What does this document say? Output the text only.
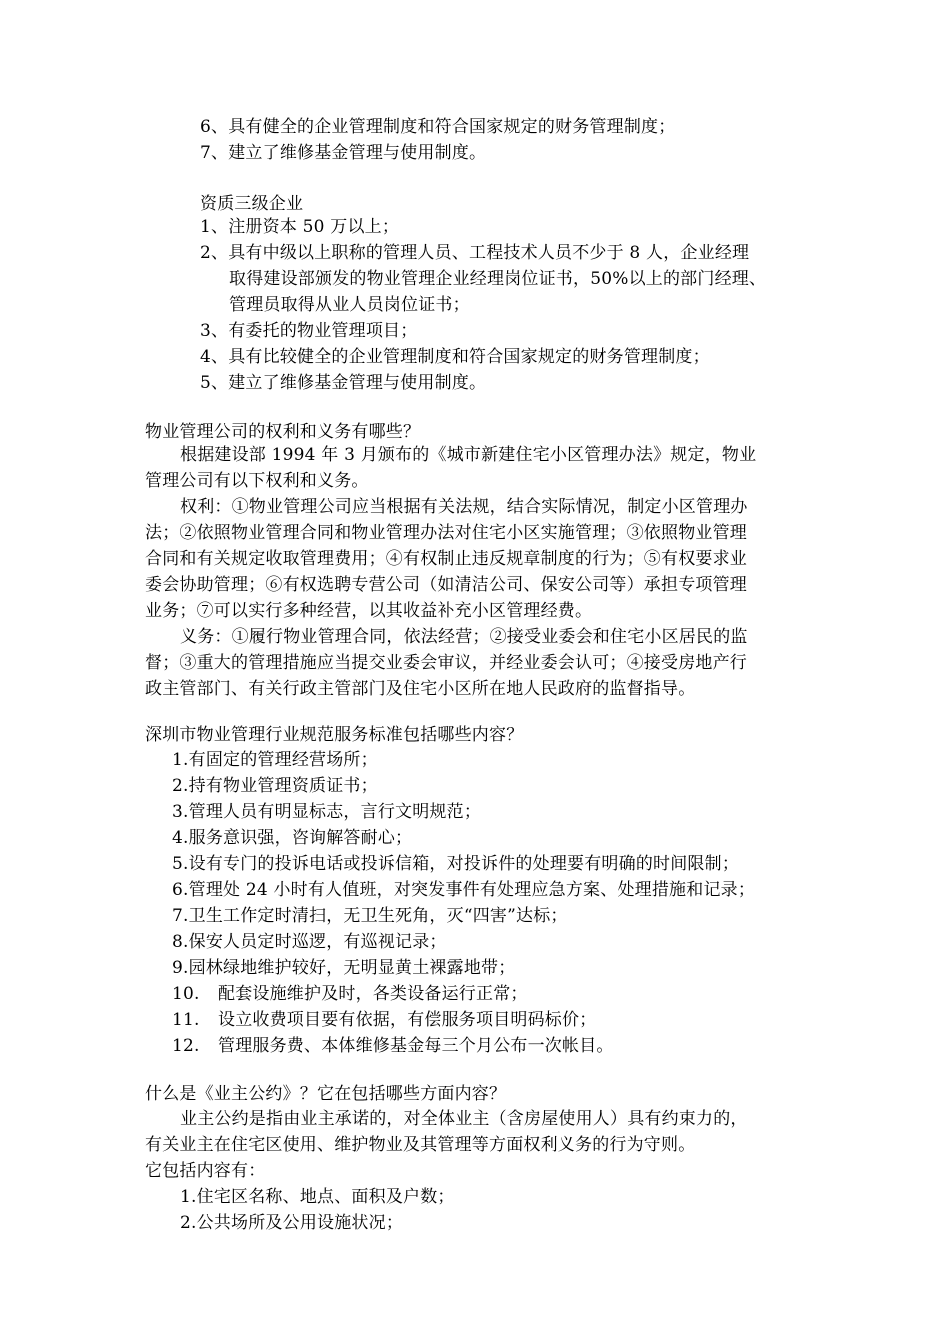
6、具有健全的企业管理制度和符合国家规定的财务管理制度；
7、建立了维修基金管理与使用制度。
资质三级企业
1、注册资本 50 万以上；
2、具有中级以上职称的管理人员、工程技术人员不少于 8 人，企业经理
取得建设部颁发的物业管理企业经理岗位证书，50%以上的部门经理、
管理员取得从业人员岗位证书；
3、有委托的物业管理项目；
4、具有比较健全的企业管理制度和符合国家规定的财务管理制度；
5、建立了维修基金管理与使用制度。
物业管理公司的权利和义务有哪些？
根据建设部 1994 年 3 月颁布的《城市新建住宅小区管理办法》规定，物业
管理公司有以下权利和义务。
权利：①物业管理公司应当根据有关法规，结合实际情况，制定小区管理办
法；②依照物业管理合同和物业管理办法对住宅小区实施管理；③依照物业管理
合同和有关规定收取管理费用；④有权制止违反规章制度的行为；⑤有权要求业
委会协助管理；⑥有权选聘专营公司（如清洁公司、保安公司等）承担专项管理
业务；⑦可以实行多种经营，以其收益补充小区管理经费。
义务：①履行物业管理合同，依法经营；②接受业委会和住宅小区居民的监
督；③重大的管理措施应当提交业委会审议，并经业委会认可；④接受房地产行
政主管部门、有关行政主管部门及住宅小区所在地人民政府的监督指导。
深圳市物业管理行业规范服务标准包括哪些内容？
1.有固定的管理经营场所；
2.持有物业管理资质证书；
3.管理人员有明显标志，言行文明规范；
4.服务意识强，咨询解答耐心；
5.设有专门的投诉电话或投诉信箱，对投诉件的处理要有明确的时间限制；
6.管理处 24 小时有人值班，对突发事件有处理应急方案、处理措施和记录；
7.卫生工作定时清扫，无卫生死角，灭“四害”达标；
8.保安人员定时巡逻，有巡视记录；
9.园林绿地维护较好，无明显黄土裸露地带；
10. 配套设施维护及时，各类设备运行正常；
11. 设立收费项目要有依据，有偿服务项目明码标价；
12. 管理服务费、本体维修基金每三个月公布一次帐目。
什么是《业主公约》？它在包括哪些方面内容？
业主公约是指由业主承诺的，对全体业主（含房屋使用人）具有约束力的，
有关业主在住宅区使用、维护物业及其管理等方面权利义务的行为守则。
它包括内容有：
1.住宅区名称、地点、面积及户数；
2.公共场所及公用设施状况；
